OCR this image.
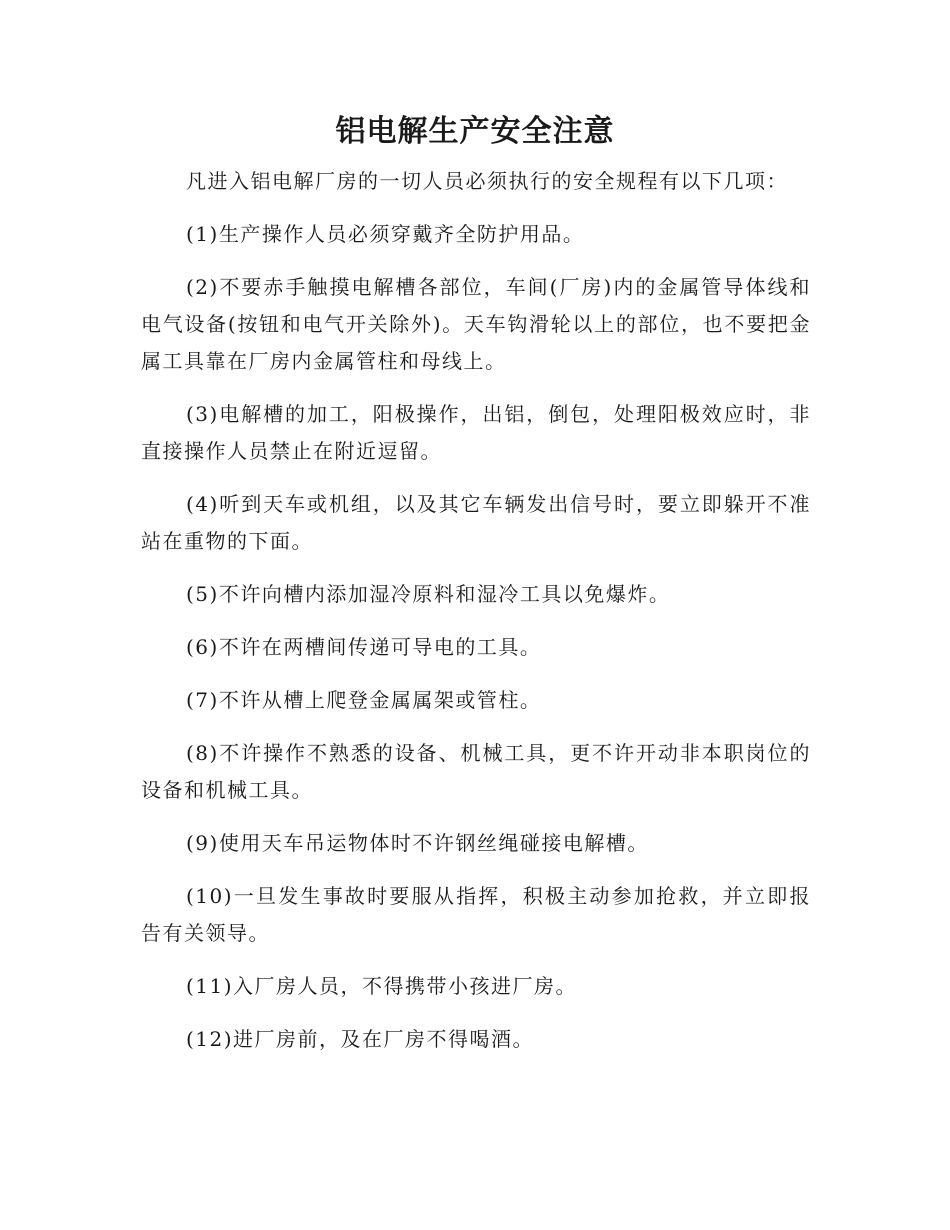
铝电解生产安全注意

凡进入铝电解厂房的一切人员必须执行的安全规程有以下几项：

(1)生产操作人员必须穿戴齐全防护用品。

(2)不要赤手触摸电解槽各部位，车间(厂房)内的金属管导体线和电气设备(按钮和电气开关除外)。天车钩滑轮以上的部位，也不要把金属工具靠在厂房内金属管柱和母线上。

(3)电解槽的加工，阳极操作，出铝，倒包，处理阳极效应时，非直接操作人员禁止在附近逗留。

(4)听到天车或机组，以及其它车辆发出信号时，要立即躲开不准站在重物的下面。

(5)不许向槽内添加湿冷原料和湿冷工具以免爆炸。

(6)不许在两槽间传递可导电的工具。

(7)不许从槽上爬登金属属架或管柱。

(8)不许操作不熟悉的设备、机械工具，更不许开动非本职岗位的设备和机械工具。

(9)使用天车吊运物体时不许钢丝绳碰接电解槽。

(10)一旦发生事故时要服从指挥，积极主动参加抢救，并立即报告有关领导。

(11)入厂房人员，不得携带小孩进厂房。

(12)进厂房前，及在厂房不得喝酒。
